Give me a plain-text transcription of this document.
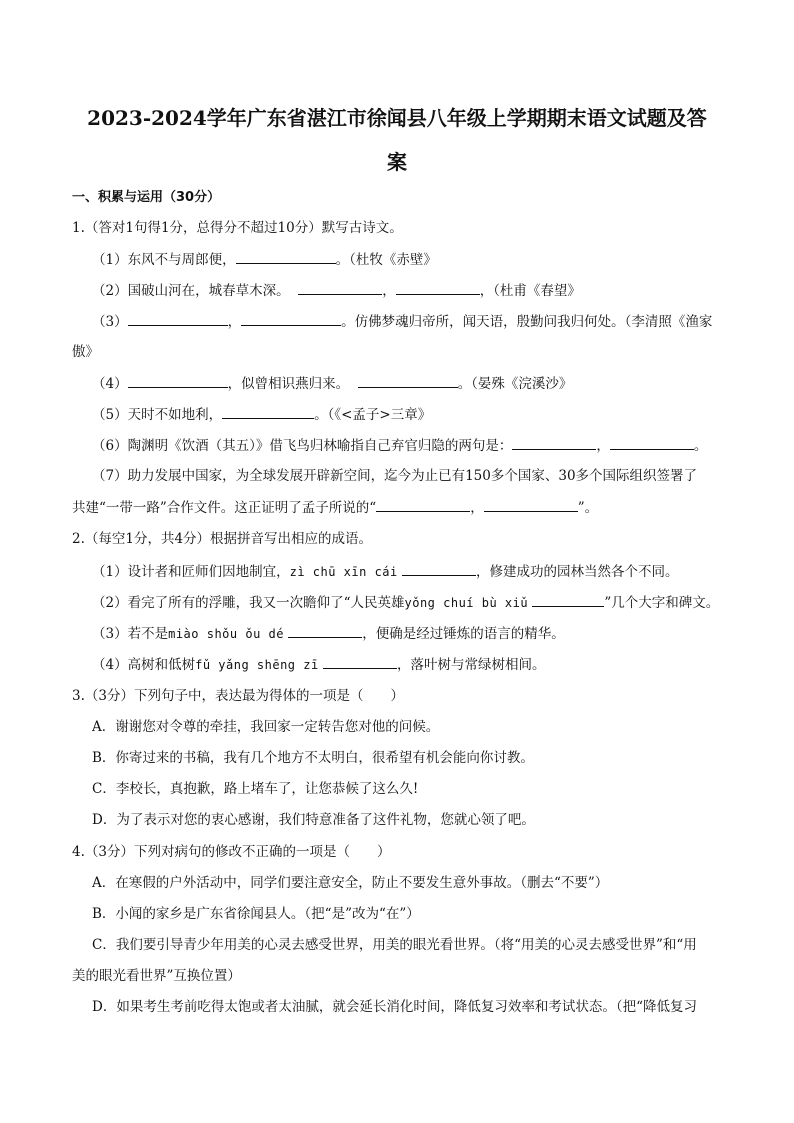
2023-2024学年广东省湛江市徐闻县八年级上学期期末语文试题及答
案
一、积累与运用（30分）
1.（答对1句得1分，总得分不超过10分）默写古诗文。
（1）东风不与周郎便，	。（杜牧《赤壁》
（2）国破山河在，城春草木深。	，	，（杜甫《春望》
（3）	，	。仿佛梦魂归帝所，闻天语，殷勤问我归何处。（李清照《渔家
傲》
（4）	，似曾相识燕归来。	。（晏殊《浣溪沙》
（5）天时不如地利，	。（《<孟子>三章》
（6）陶渊明《饮酒（其五）》借飞鸟归林喻指自己弃官归隐的两句是：	，	。
（7）助力发展中国家，为全球发展开辟新空间，迄今为止已有150多个国家、30多个国际组织签署了
共建“一带一路”合作文件。这正证明了孟子所说的“	，	”。
2.（每空1分，共4分）根据拼音写出相应的成语。
（1）设计者和匠师们因地制宜，zì chū xīn cái	，修建成功的园林当然各个不同。
（2）看完了所有的浮雕，我又一次瞻仰了“人民英雄yǒng chuí bù xiǔ	”几个大字和碑文。
（3）若不是miào shǒu ǒu dé	，便确是经过锤炼的语言的精华。
（4）高树和低树fǔ yǎng shēng zī	，落叶树与常绿树相间。
3.（3分）下列句子中，表达最为得体的一项是（　　）
A．谢谢您对令尊的牵挂，我回家一定转告您对他的问候。
B．你寄过来的书稿，我有几个地方不太明白，很希望有机会能向你讨教。
C．李校长，真抱歉，路上堵车了，让您恭候了这么久!
D．为了表示对您的衷心感谢，我们特意准备了这件礼物，您就心领了吧。
4.（3分）下列对病句的修改不正确的一项是（　　）
A．在寒假的户外活动中，同学们要注意安全，防止不要发生意外事故。（删去“不要”）
B．小闻的家乡是广东省徐闻县人。（把“是”改为“在”）
C．我们要引导青少年用美的心灵去感受世界，用美的眼光看世界。（将“用美的心灵去感受世界”和“用
美的眼光看世界”互换位置）
D．如果考生考前吃得太饱或者太油腻，就会延长消化时间，降低复习效率和考试状态。（把“降低复习
